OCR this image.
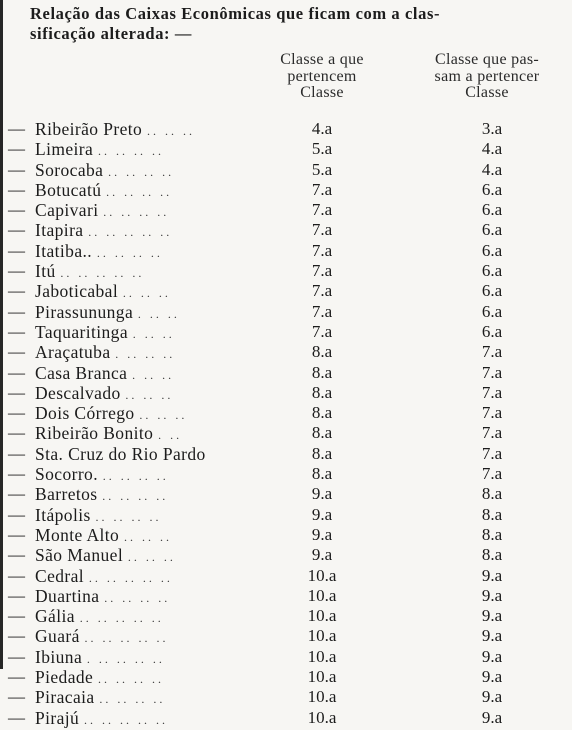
Relação das Caixas Econômicas que ficam com a clas-
sificação alterada: —
Classe a que
pertencem
Classe
Classe que pas-
sam a pertencer
Classe
— Ribeirão Preto .. .. ..	4.a	3.a
— Limeira .. .. .. ..	5.a	4.a
— Sorocaba .. .. .. ..	5.a	4.a
— Botucatú .. .. .. ..	7.a	6.a
— Capivari .. .. .. ..	7.a	6.a
— Itapira .. .. .. .. ..	7.a	6.a
— Itatiba.. .. .. .. ..	7.a	6.a
— Itú .. .. .. .. ..	7.a	6.a
— Jaboticabal .. .. ..	7.a	6.a
— Pirassununga . .. ..	7.a	6.a
— Taquaritinga . .. ..	7.a	6.a
— Araçatuba . .. .. ..	8.a	7.a
— Casa Branca . .. ..	8.a	7.a
— Descalvado .. .. ..	8.a	7.a
— Dois Córrego .. .. ..	8.a	7.a
— Ribeirão Bonito . ..	8.a	7.a
— Sta. Cruz do Rio Pardo	8.a	7.a
— Socorro. .. .. .. ..	8.a	7.a
— Barretos .. .. .. ..	9.a	8.a
— Itápolis .. .. .. ..	9.a	8.a
— Monte Alto .. .. ..	9.a	8.a
— São Manuel .. .. ..	9.a	8.a
— Cedral .. .. .. .. ..	10.a	9.a
— Duartina .. .. .. ..	10.a	9.a
— Gália .. .. .. .. ..	10.a	9.a
— Guará .. .. .. .. ..	10.a	9.a
— Ibiuna . .. .. .. ..	10.a	9.a
— Piedade .. .. .. ..	10.a	9.a
— Piracaia .. .. .. ..	10.a	9.a
— Pirajú .. .. .. .. ..	10.a	9.a
